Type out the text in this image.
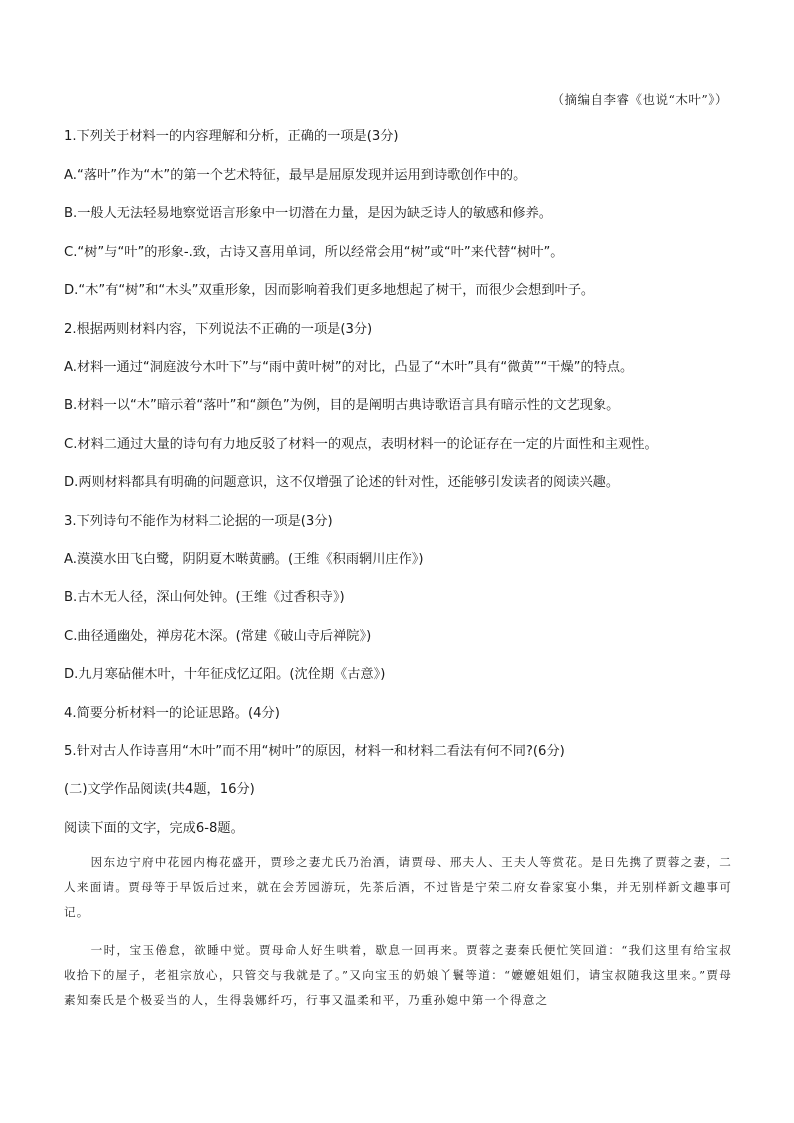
（摘编自李睿《也说“木叶”》）
1.下列关于材料一的内容理解和分析，正确的一项是(3分)
A.“落叶”作为“木”的第一个艺术特征，最早是屈原发现并运用到诗歌创作中的。
B.一般人无法轻易地察觉语言形象中一切潜在力量，是因为缺乏诗人的敏感和修养。
C.“树”与“叶”的形象-.致，古诗又喜用单词，所以经常会用“树”或“叶”来代替“树叶”。
D.“木”有“树”和“木头”双重形象，因而影响着我们更多地想起了树干，而很少会想到叶子。
2.根据两则材料内容，下列说法不正确的一项是(3分)
A.材料一通过“洞庭波兮木叶下”与“雨中黄叶树”的对比，凸显了“木叶”具有“微黄”“干燥”的特点。
B.材料一以“木”暗示着“落叶”和“颜色”为例，目的是阐明古典诗歌语言具有暗示性的文艺现象。
C.材料二通过大量的诗句有力地反驳了材料一的观点，表明材料一的论证存在一定的片面性和主观性。
D.两则材料都具有明确的问题意识，这不仅增强了论述的针对性，还能够引发读者的阅读兴趣。
3.下列诗句不能作为材料二论据的一项是(3分)
A.漠漠水田飞白鹭，阴阴夏木啭黄鹂。(王维《积雨辋川庄作》)
B.古木无人径，深山何处钟。(王维《过香积寺》)
C.曲径通幽处，禅房花木深。(常建《破山寺后禅院》)
D.九月寒砧催木叶，十年征戍忆辽阳。(沈佺期《古意》)
4.简要分析材料一的论证思路。(4分)
5.针对古人作诗喜用“木叶”而不用“树叶”的原因，材料一和材料二看法有何不同?(6分)
(二)文学作品阅读(共4题，16分)
阅读下面的文字，完成6-8题。
因东边宁府中花园内梅花盛开，贾珍之妻尤氏乃治酒，请贾母、邢夫人、王夫人等赏花。是日先携了贾蓉之妻，二人来面请。贾母等于早饭后过来，就在会芳园游玩，先茶后酒，不过皆是宁荣二府女眷家宴小集，并无别样新文趣事可记。
一时，宝玉倦怠，欲睡中觉。贾母命人好生哄着，歇息一回再来。贾蓉之妻秦氏便忙笑回道：“我们这里有给宝叔收拾下的屋子，老祖宗放心，只管交与我就是了。”又向宝玉的奶娘丫鬟等道：“嬷嬷姐姐们，请宝叔随我这里来。”贾母素知秦氏是个极妥当的人，生得袅娜纤巧，行事又温柔和平，乃重孙媳中第一个得意之
